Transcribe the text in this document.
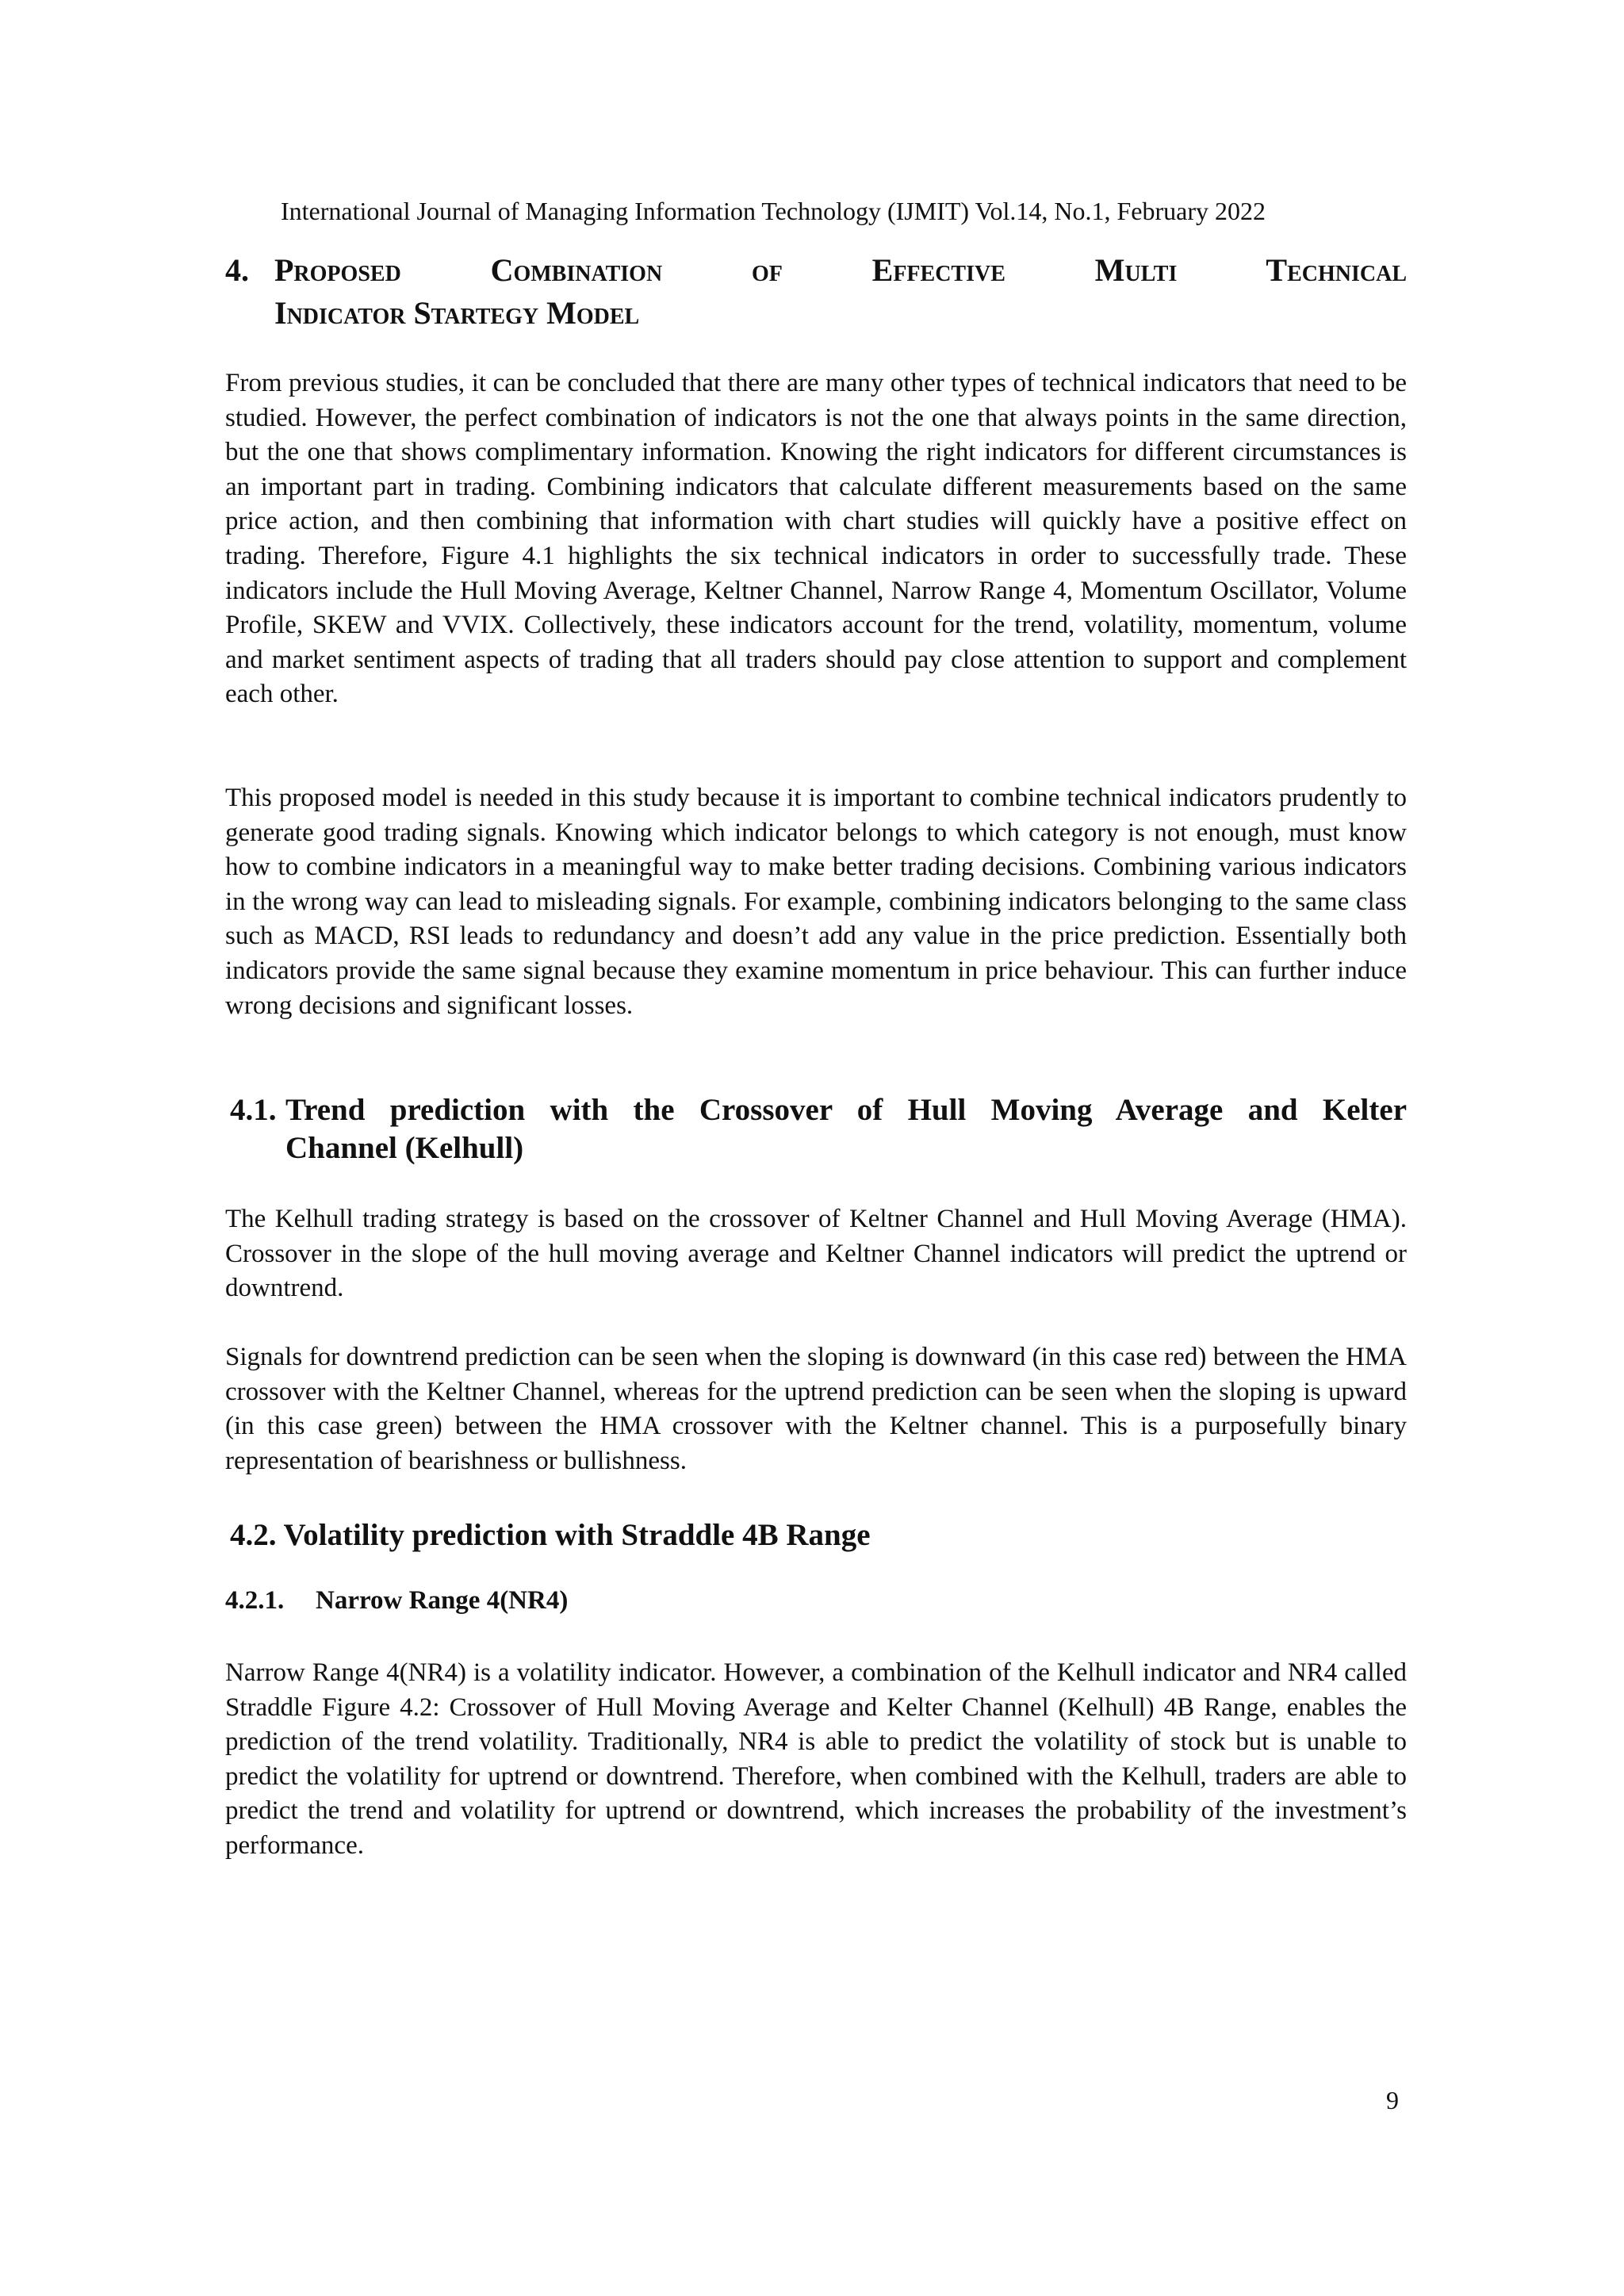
International Journal of Managing Information Technology (IJMIT) Vol.14, No.1, February 2022
4. Proposed Combination of Effective Multi Technical
Indicator Startegy Model

From previous studies, it can be concluded that there are many other types of technical indicators that need to be studied. However, the perfect combination of indicators is not the one that always points in the same direction, but the one that shows complimentary information. Knowing the right indicators for different circumstances is an important part in trading. Combining indicators that calculate different measurements based on the same price action, and then combining that information with chart studies will quickly have a positive effect on trading. Therefore, Figure 4.1 highlights the six technical indicators in order to successfully trade. These indicators include the Hull Moving Average, Keltner Channel, Narrow Range 4, Momentum Oscillator, Volume Profile, SKEW and VVIX. Collectively, these indicators account for the trend, volatility, momentum, volume and market sentiment aspects of trading that all traders should pay close attention to support and complement each other.

This proposed model is needed in this study because it is important to combine technical indicators prudently to generate good trading signals. Knowing which indicator belongs to which category is not enough, must know how to combine indicators in a meaningful way to make better trading decisions. Combining various indicators in the wrong way can lead to misleading signals. For example, combining indicators belonging to the same class such as MACD, RSI leads to redundancy and doesn’t add any value in the price prediction. Essentially both indicators provide the same signal because they examine momentum in price behaviour. This can further induce wrong decisions and significant losses.

4.1. Trend prediction with the Crossover of Hull Moving Average and Kelter
Channel (Kelhull)

The Kelhull trading strategy is based on the crossover of Keltner Channel and Hull Moving Average (HMA). Crossover in the slope of the hull moving average and Keltner Channel indicators will predict the uptrend or downtrend.

Signals for downtrend prediction can be seen when the sloping is downward (in this case red) between the HMA crossover with the Keltner Channel, whereas for the uptrend prediction can be seen when the sloping is upward (in this case green) between the HMA crossover with the Keltner channel. This is a purposefully binary representation of bearishness or bullishness.

4.2. Volatility prediction with Straddle 4B Range
4.2.1. Narrow Range 4(NR4)

Narrow Range 4(NR4) is a volatility indicator. However, a combination of the Kelhull indicator and NR4 called Straddle Figure 4.2: Crossover of Hull Moving Average and Kelter Channel (Kelhull) 4B Range, enables the prediction of the trend volatility. Traditionally, NR4 is able to predict the volatility of stock but is unable to predict the volatility for uptrend or downtrend. Therefore, when combined with the Kelhull, traders are able to predict the trend and volatility for uptrend or downtrend, which increases the probability of the investment’s performance.

9
